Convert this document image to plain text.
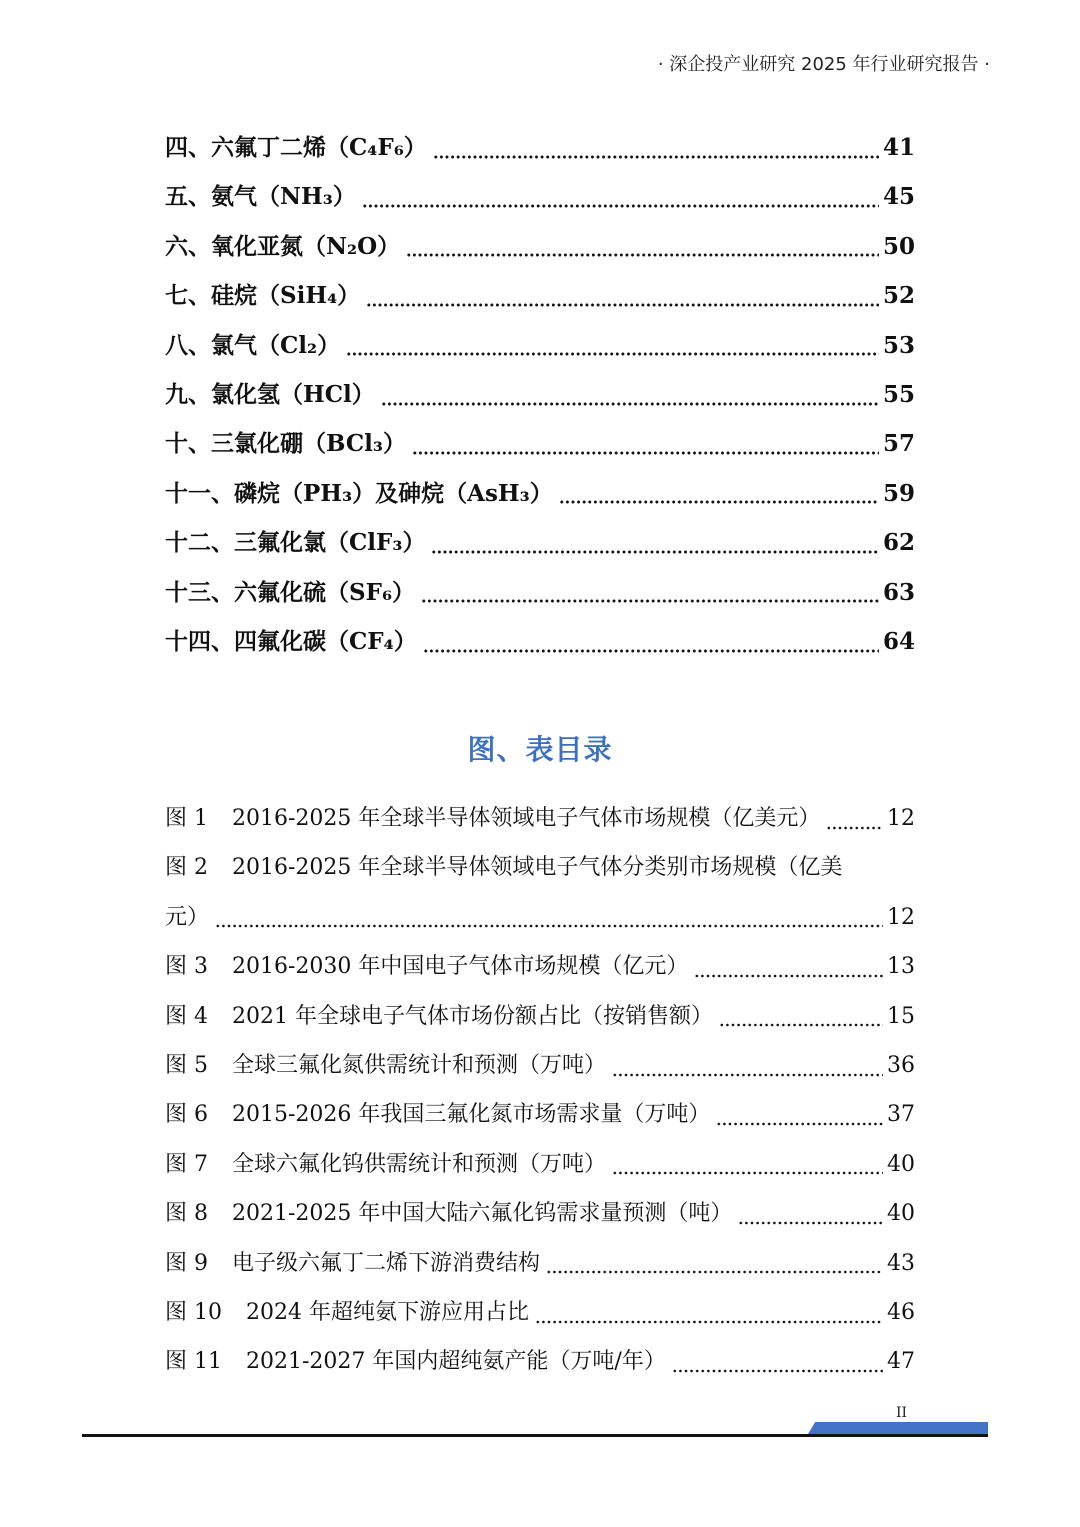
· 深企投产业研究 2025 年行业研究报告 ·
四、六氟丁二烯（C₄F₆）	41
五、氨气（NH₃）	45
六、氧化亚氮（N₂O）	50
七、硅烷（SiH₄）	52
八、氯气（Cl₂）	53
九、氯化氢（HCl）	55
十、三氯化硼（BCl₃）	57
十一、磷烷（PH₃）及砷烷（AsH₃）	59
十二、三氟化氯（ClF₃）	62
十三、六氟化硫（SF₆）	63
十四、四氟化碳（CF₄）	64
图、表目录
图 1 2016-2025 年全球半导体领域电子气体市场规模（亿美元）	12
图 2 2016-2025 年全球半导体领域电子气体分类别市场规模（亿美
元）	12
图 3 2016-2030 年中国电子气体市场规模（亿元）	13
图 4 2021 年全球电子气体市场份额占比（按销售额）	15
图 5 全球三氟化氮供需统计和预测（万吨）	36
图 6 2015-2026 年我国三氟化氮市场需求量（万吨）	37
图 7 全球六氟化钨供需统计和预测（万吨）	40
图 8 2021-2025 年中国大陆六氟化钨需求量预测（吨）	40
图 9 电子级六氟丁二烯下游消费结构	43
图 10 2024 年超纯氨下游应用占比	46
图 11 2021-2027 年国内超纯氨产能（万吨/年）	47
II
